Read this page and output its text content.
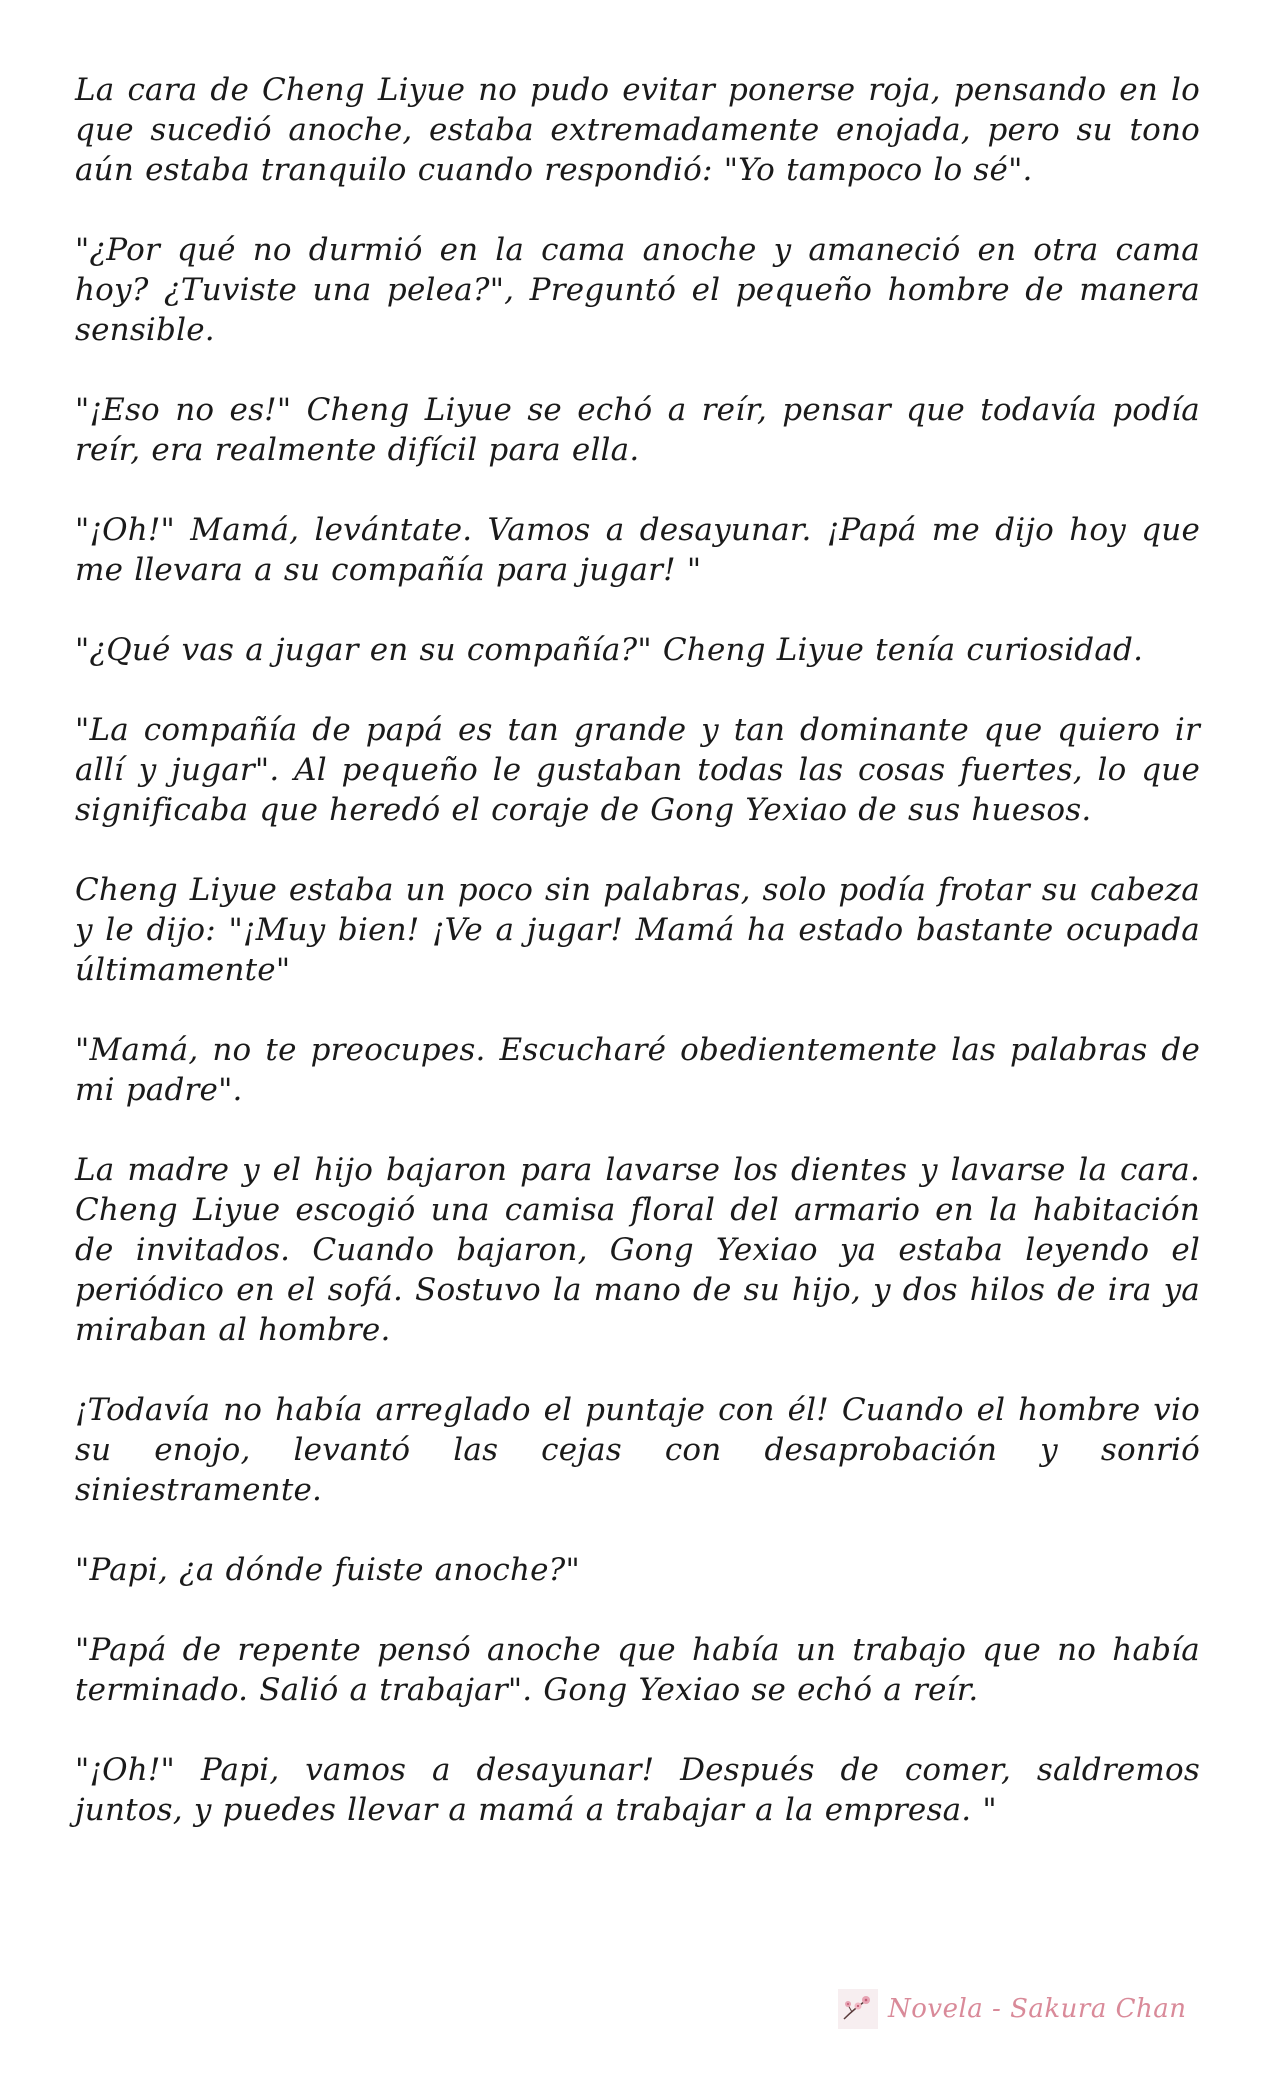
La cara de Cheng Liyue no pudo evitar ponerse roja, pensando en lo que sucedió anoche, estaba extremadamente enojada, pero su tono aún estaba tranquilo cuando respondió: "Yo tampoco lo sé".

"¿Por qué no durmió en la cama anoche y amaneció en otra cama hoy? ¿Tuviste una pelea?", Preguntó el pequeño hombre de manera sensible.

"¡Eso no es!" Cheng Liyue se echó a reír, pensar que todavía podía reír, era realmente difícil para ella.

"¡Oh!" Mamá, levántate. Vamos a desayunar. ¡Papá me dijo hoy que me llevara a su compañía para jugar! "

"¿Qué vas a jugar en su compañía?" Cheng Liyue tenía curiosidad.

"La compañía de papá es tan grande y tan dominante que quiero ir allí y jugar". Al pequeño le gustaban todas las cosas fuertes, lo que significaba que heredó el coraje de Gong Yexiao de sus huesos.

Cheng Liyue estaba un poco sin palabras, solo podía frotar su cabeza y le dijo: "¡Muy bien! ¡Ve a jugar! Mamá ha estado bastante ocupada últimamente"

"Mamá, no te preocupes. Escucharé obedientemente las palabras de mi padre".

La madre y el hijo bajaron para lavarse los dientes y lavarse la cara. Cheng Liyue escogió una camisa floral del armario en la habitación de invitados. Cuando bajaron, Gong Yexiao ya estaba leyendo el periódico en el sofá. Sostuvo la mano de su hijo, y dos hilos de ira ya miraban al hombre.

¡Todavía no había arreglado el puntaje con él! Cuando el hombre vio su enojo, levantó las cejas con desaprobación y sonrió siniestramente.

"Papi, ¿a dónde fuiste anoche?"

"Papá de repente pensó anoche que había un trabajo que no había terminado. Salió a trabajar". Gong Yexiao se echó a reír.

"¡Oh!" Papi, vamos a desayunar! Después de comer, saldremos juntos, y puedes llevar a mamá a trabajar a la empresa. "

Novela - Sakura Chan
